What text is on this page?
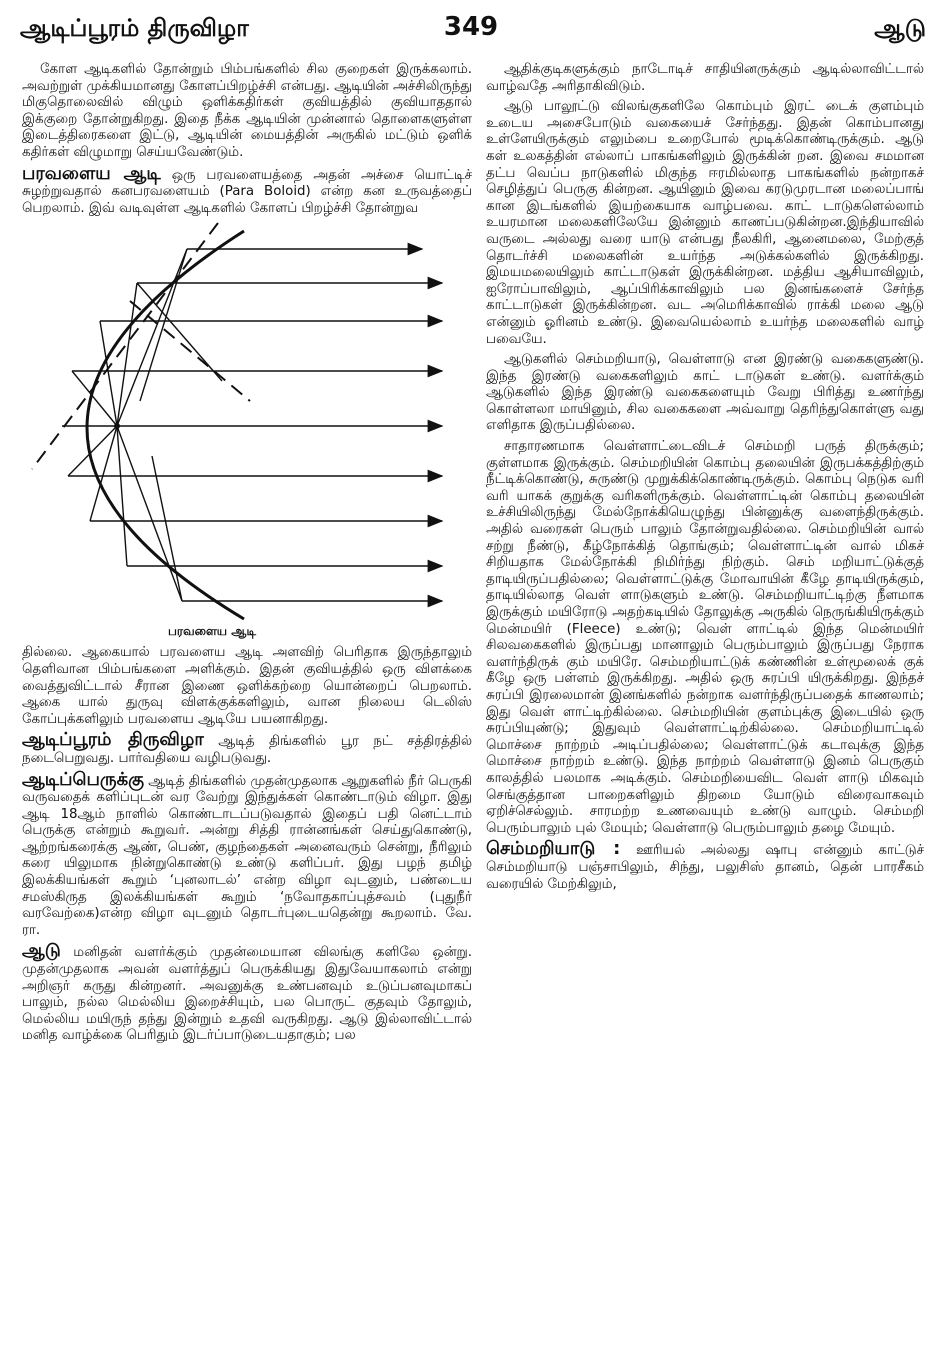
ஆடிப்பூரம் திருவிழா	349	ஆடு

கோள ஆடிகளில் தோன்றும் பிம்பங்களில் சில குறைகள் இருக்கலாம். அவற்றுள் முக்கியமானது கோளப்பிறழ்ச்சி என்பது. ஆடியின் அச்சிலிருந்து மிகுதொலைவில் விழும் ஒளிக்கதிர்கள் குவியத்தில் குவியாததால் இக்குறை தோன்றுகிறது. இதை நீக்க ஆடியின் முன்னால் தொளைகளுள்ள இடைத்திரைகளை இட்டு, ஆடியின் மையத்தின் அருகில் மட்டும் ஒளிக் கதிர்கள் விழுமாறு செய்யவேண்டும்.

பரவளைய ஆடி ஒரு பரவளையத்தை அதன் அச்சை யொட்டிச் சுழற்றுவதால் கனபரவளையம் (Para Boloid) என்ற கன உருவத்தைப் பெறலாம். இவ் வடிவுள்ள ஆடிகளில் கோளப் பிறழ்ச்சி தோன்றுவ

பரவளைய ஆடி

தில்லை. ஆகையால் பரவளைய ஆடி அளவிற் பெரிதாக இருந்தாலும் தெளிவான பிம்பங்களை அளிக்கும். இதன் குவியத்தில் ஒரு விளக்கை வைத்துவிட்டால் சீரான இணை ஒளிக்கற்றை யொன்றைப் பெறலாம். ஆகை யால் துருவு விளக்குக்களிலும், வான நிலைய டெலிஸ் கோப்புக்களிலும் பரவளைய ஆடியே பயனாகிறது.

ஆடிப்பூரம் திருவிழா ஆடித் திங்களில் பூர நட் சத்திரத்தில் நடைபெறுவது. பார்வதியை வழிபடுவது.

ஆடிப்பெருக்கு ஆடித் திங்களில் முதன்முதலாக ஆறுகளில் நீர் பெருகி வருவதைக் களிப்புடன் வர வேற்று இந்துக்கள் கொண்டாடும் விழா. இது ஆடி 18ஆம் நாளில் கொண்டாடப்படுவதால் இதைப் பதி னெட்டாம் பெருக்கு என்றும் கூறுவர். அன்று சித்தி ரான்னங்கள் செய்துகொண்டு, ஆற்றங்கரைக்கு ஆண், பெண், குழந்தைகள் அனைவரும் சென்று, நீரிலும் கரை யிலுமாக நின்றுகொண்டு உண்டு களிப்பர். இது பழந் தமிழ் இலக்கியங்கள் கூறும் ‘புனலாடல்’ என்ற விழா வுடனும், பண்டைய சமஸ்கிருத இலக்கியங்கள் கூறும் ‘நவோதகாப்புத்சவம் (புதுநீர் வரவேற்கை)என்ற விழா வுடனும் தொடர்புடையதென்று கூறலாம். வே. ரா.

ஆடு மனிதன் வளர்க்கும் முதன்மையான விலங்கு களிலே ஒன்று. முதன்முதலாக அவன் வளர்த்துப் பெருக்கியது இதுவேயாகலாம் என்று அறிஞர் கருது கின்றனர். அவனுக்கு உண்பனவும் உடுப்பனவுமாகப் பாலும், நல்ல மெல்லிய இறைச்சியும், பல பொருட் குதவும் தோலும், மெல்லிய மயிருந் தந்து இன்றும் உதவி வருகிறது. ஆடு இல்லாவிட்டால் மனித வாழ்க்கை பெரிதும் இடர்ப்பாடுடையதாகும்; பல

ஆதிக்குடிகளுக்கும் நாடோடிச் சாதியினருக்கும் ஆடில்லாவிட்டால் வாழ்வதே அரிதாகிவிடும்.

ஆடு பாலூட்டு விலங்குகளிலே கொம்பும் இரட் டைக் குளம்பும் உடைய அசைபோடும் வகையைச் சேர்ந்தது. இதன் கொம்பானது உள்ளேயிருக்கும் எலும்பை உறைபோல் மூடிக்கொண்டிருக்கும். ஆடு கள் உலகத்தின் எல்லாப் பாகங்களிலும் இருக்கின் றன. இவை சமமான தட்ப வெப்ப நாடுகளில் மிகுந்த ஈரமில்லாத பாகங்களில் நன்றாகச் செழித்துப் பெருகு கின்றன. ஆயினும் இவை கரடுமுரடான மலைப்பாங் கான இடங்களில் இயற்கையாக வாழ்பவை. காட் டாடுகளெல்லாம் உயரமான மலைகளிலேயே இன்னும் காணப்படுகின்றன.இந்தியாவில் வருடை அல்லது வரை யாடு என்பது நீலகிரி, ஆனைமலை, மேற்குத் தொடர்ச்சி மலைகளின் உயர்ந்த அடுக்கல்களில் இருக்கிறது. இமயமலையிலும் காட்டாடுகள் இருக்கின்றன. மத்திய ஆசியாவிலும், ஐரோப்பாவிலும், ஆப்பிரிக்காவிலும் பல இனங்களைச் சேர்ந்த காட்டாடுகள் இருக்கின்றன. வட அமெரிக்காவில் ராக்கி மலை ஆடு என்னும் ஓரினம் உண்டு. இவையெல்லாம் உயர்ந்த மலைகளில் வாழ் பவையே.

ஆடுகளில் செம்மறியாடு, வெள்ளாடு என இரண்டு வகைகளுண்டு. இந்த இரண்டு வகைகளிலும் காட் டாடுகள் உண்டு. வளர்க்கும் ஆடுகளில் இந்த இரண்டு வகைகளையும் வேறு பிரித்து உணர்ந்து கொள்ளலா மாயினும், சில வகைகளை அவ்வாறு தெரிந்துகொள்ளு வது எளிதாக இருப்பதில்லை.

சாதாரணமாக வெள்ளாட்டைவிடச் செம்மறி பருத் திருக்கும்; குள்ளமாக இருக்கும். செம்மறியின் கொம்பு தலையின் இருபக்கத்திற்கும் நீட்டிக்கொண்டு, சுருண்டு முறுக்கிக்கொண்டிருக்கும். கொம்பு நெடுக வரி வரி யாகக் குறுக்கு வரிகளிருக்கும். வெள்ளாட்டின் கொம்பு தலையின் உச்சியிலிருந்து மேல்நோக்கியெழுந்து பின்னுக்கு வளைந்திருக்கும். அதில் வரைகள் பெரும் பாலும் தோன்றுவதில்லை. செம்மறியின் வால் சற்று நீண்டு, கீழ்நோக்கித் தொங்கும்; வெள்ளாட்டின் வால் மிகச் சிறியதாக மேல்நோக்கி நிமிர்ந்து நிற்கும். செம் மறியாட்டுக்குத் தாடியிருப்பதில்லை; வெள்ளாட்டுக்கு மோவாயின் கீழே தாடியிருக்கும், தாடியில்லாத வெள் ளாடுகளும் உண்டு. செம்மறியாட்டிற்கு நீளமாக இருக்கும் மயிரோடு அதற்கடியில் தோலுக்கு அருகில் நெருங்கியிருக்கும் மென்மயிர் (Fleece) உண்டு; வெள் ளாட்டில் இந்த மென்மயிர் சிலவகைகளில் இருப்பது மானாலும் பெரும்பாலும் இருப்பது நேராக வளர்ந்திருக் கும் மயிரே. செம்மறியாட்டுக் கண்ணின் உள்மூலைக் குக் கீழே ஒரு பள்ளம் இருக்கிறது. அதில் ஒரு சுரப்பி யிருக்கிறது. இந்தச் சுரப்பி இரலைமான் இனங்களில் நன்றாக வளர்ந்திருப்பதைக் காணலாம்; இது வெள் ளாட்டிற்கில்லை. செம்மறியின் குளம்புக்கு இடையில் ஒரு சுரப்பியுண்டு; இதுவும் வெள்ளாட்டிற்கில்லை. செம்மறியாட்டில் மொச்சை நாற்றம் அடிப்பதில்லை; வெள்ளாட்டுக் கடாவுக்கு இந்த மொச்சை நாற்றம் உண்டு. இந்த நாற்றம் வெள்ளாடு இனம் பெருகும் காலத்தில் பலமாக அடிக்கும். செம்மறியைவிட வெள் ளாடு மிகவும் செங்குத்தான பாறைகளிலும் திறமை யோடும் விரைவாகவும் ஏறிச்செல்லும். சாரமற்ற உணவையும் உண்டு வாழும். செம்மறி பெரும்பாலும் புல் மேயும்; வெள்ளாடு பெரும்பாலும் தழை மேயும்.

செம்மறியாடு : ஊரியல் அல்லது ஷாபு என்னும் காட்டுச் செம்மறியாடு பஞ்சாபிலும், சிந்து, பலுசிஸ் தானம், தென் பாரசீகம் வரையில் மேற்கிலும்,
